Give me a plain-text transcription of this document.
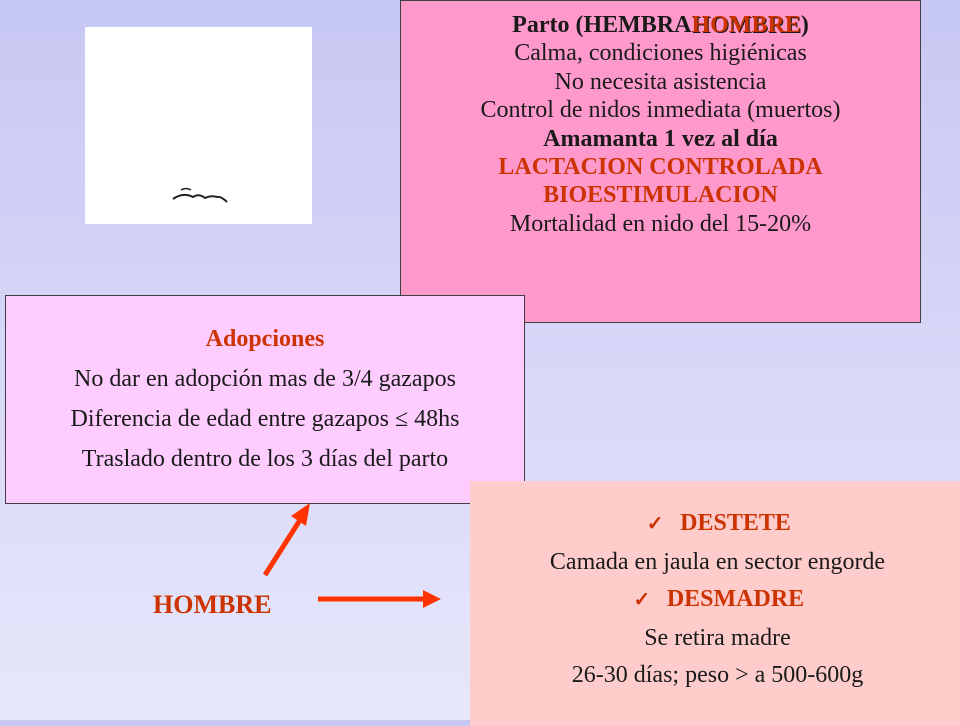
Parto (HEMBRAHOMBRE)

Calma, condiciones higiénicas

No necesita asistencia

Control de nidos inmediata (muertos)

Amamanta 1 vez al día

LACTACION CONTROLADA

BIOESTIMULACION

Mortalidad en nido del 15-20%

Adopciones

No dar en adopción mas de 3/4 gazapos

Diferencia de edad entre gazapos ≤ 48hs

Traslado dentro de los 3 días del parto

✓ DESTETE

Camada en jaula en sector engorde

✓ DESMADRE

Se retira madre

26-30 días; peso > a 500-600g

HOMBRE
